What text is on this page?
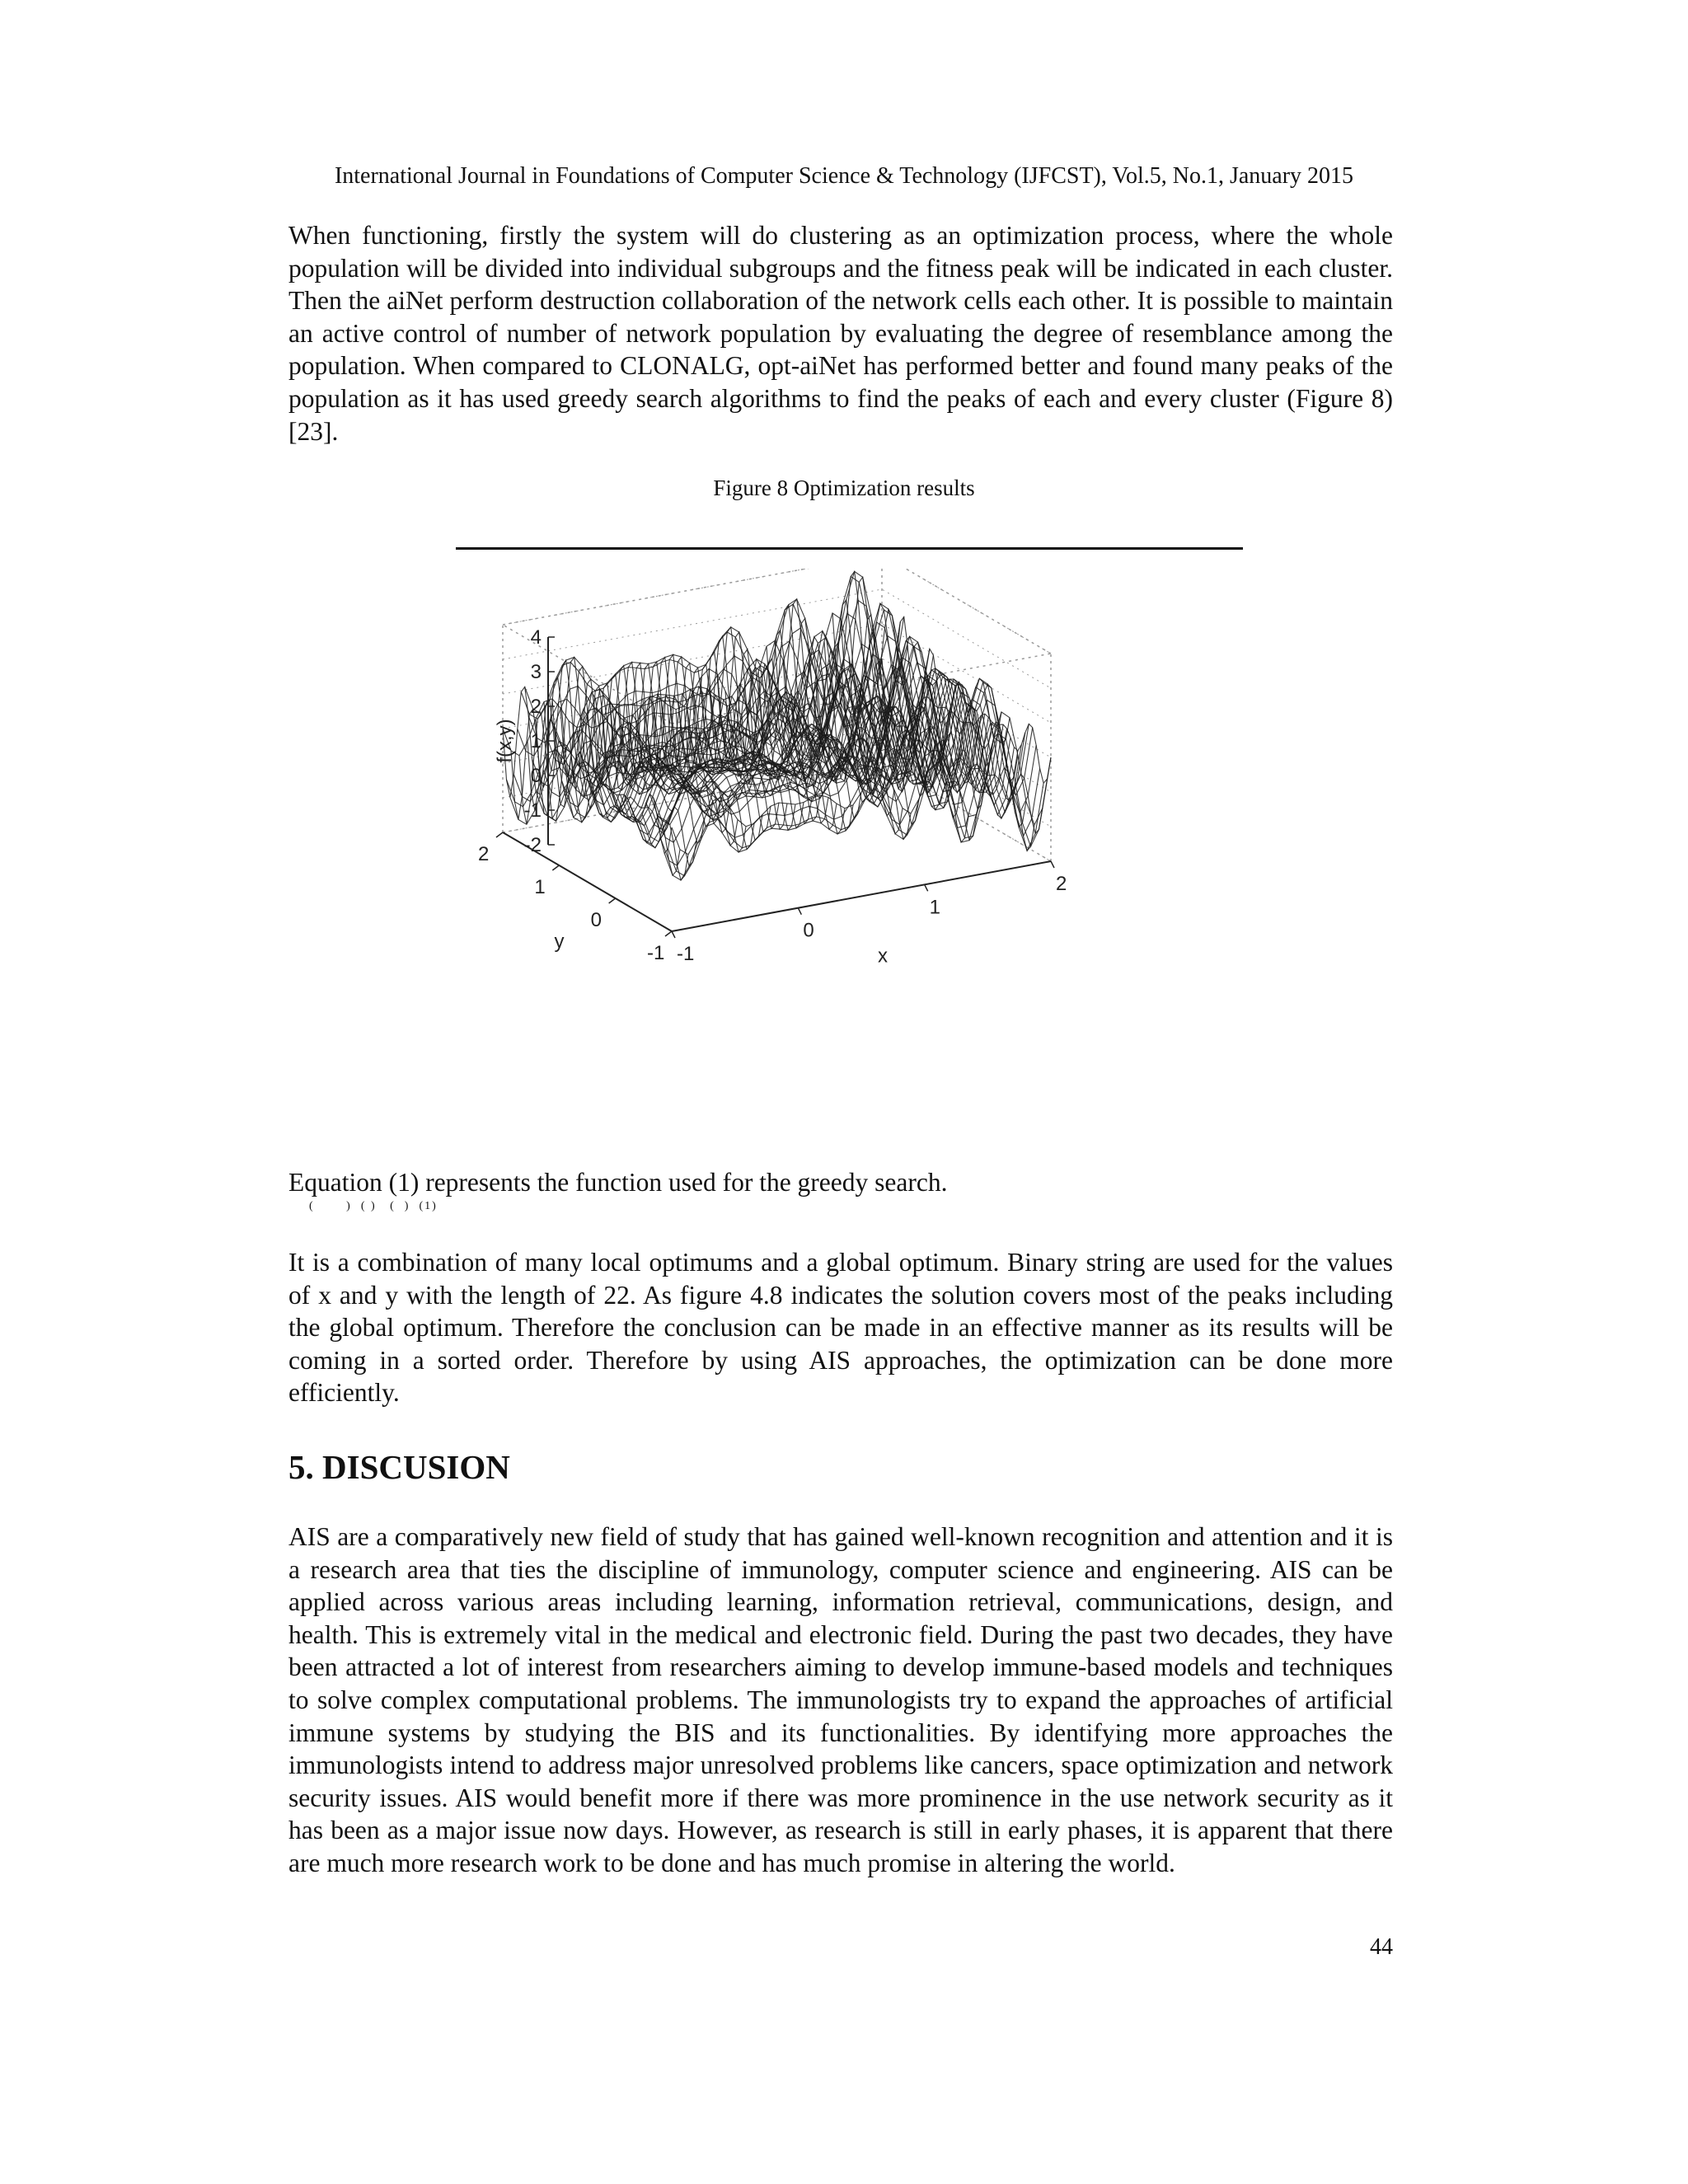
International Journal in Foundations of Computer Science & Technology (IJFCST), Vol.5, No.1, January 2015

When functioning, firstly the system will do clustering as an optimization process, where the whole population will be divided into individual subgroups and the fitness peak will be indicated in each cluster. Then the aiNet perform destruction collaboration of the network cells each other. It is possible to maintain an active control of number of network population by evaluating the degree of resemblance among the population. When compared to CLONALG, opt-aiNet has performed better and found many peaks of the population as it has used greedy search algorithms to find the peaks of each and every cluster (Figure 8) [23].

Figure 8 Optimization results
-1
0
1
2
-1
0
1
2 -2
-1
0
1
2
3
4
x
y
f(x,y)

Equation (1) represents the function used for the greedy search.

(       )  ( )   (  )  (1)

It is a combination of many local optimums and a global optimum. Binary string are used for the values of x and y with the length of 22. As figure 4.8 indicates the solution covers most of the peaks including the global optimum. Therefore the conclusion can be made in an effective manner as its results will be coming in a sorted order. Therefore by using AIS approaches, the optimization can be done more efficiently.

5. DISCUSION

AIS are a comparatively new field of study that has gained well-known recognition and attention and it is a research area that ties the discipline of immunology, computer science and engineering. AIS can be applied across various areas including learning, information retrieval, communications, design, and health. This is extremely vital in the medical and electronic field. During the past two decades, they have been attracted a lot of interest from researchers aiming to develop immune-based models and techniques to solve complex computational problems. The immunologists try to expand the approaches of artificial immune systems by studying the BIS and its functionalities. By identifying more approaches the immunologists intend to address major unresolved problems like cancers, space optimization and network security issues. AIS would benefit more if there was more prominence in the use network security as it has been as a major issue now days. However, as research is still in early phases, it is apparent that there are much more research work to be done and has much promise in altering the world.

44
